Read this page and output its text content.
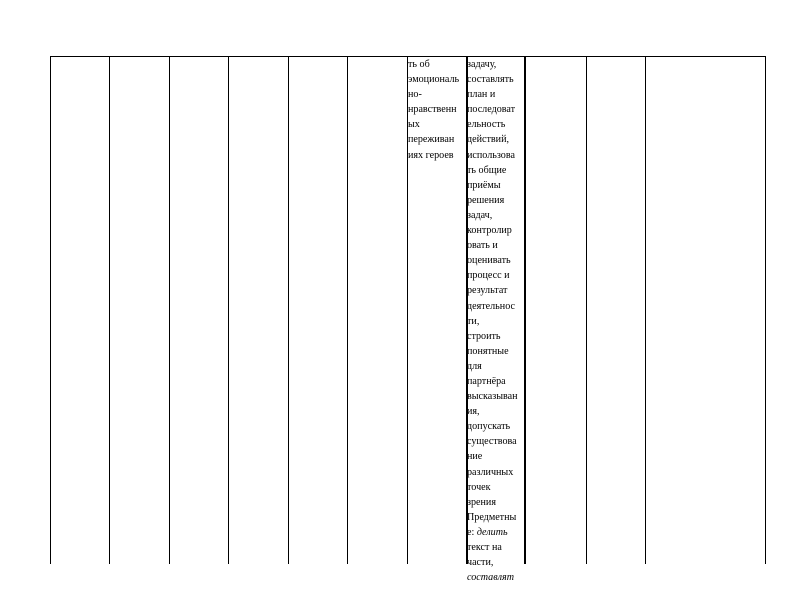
ть об
эмоциональ
но-
нравственн
ых
переживан
иях героев
задачу,
составлять
план и
последоват
ельность
действий,
использова
ть общие
приёмы
решения
задач,
контролир
овать и
оценивать
процесс и
результат
деятельнос
ти,
строить
понятные
для
партнёра
высказыван
ия,
допускать
существова
ние
различных
точек
зрения
Предметны
е: делить
текст на
части,
составлят
